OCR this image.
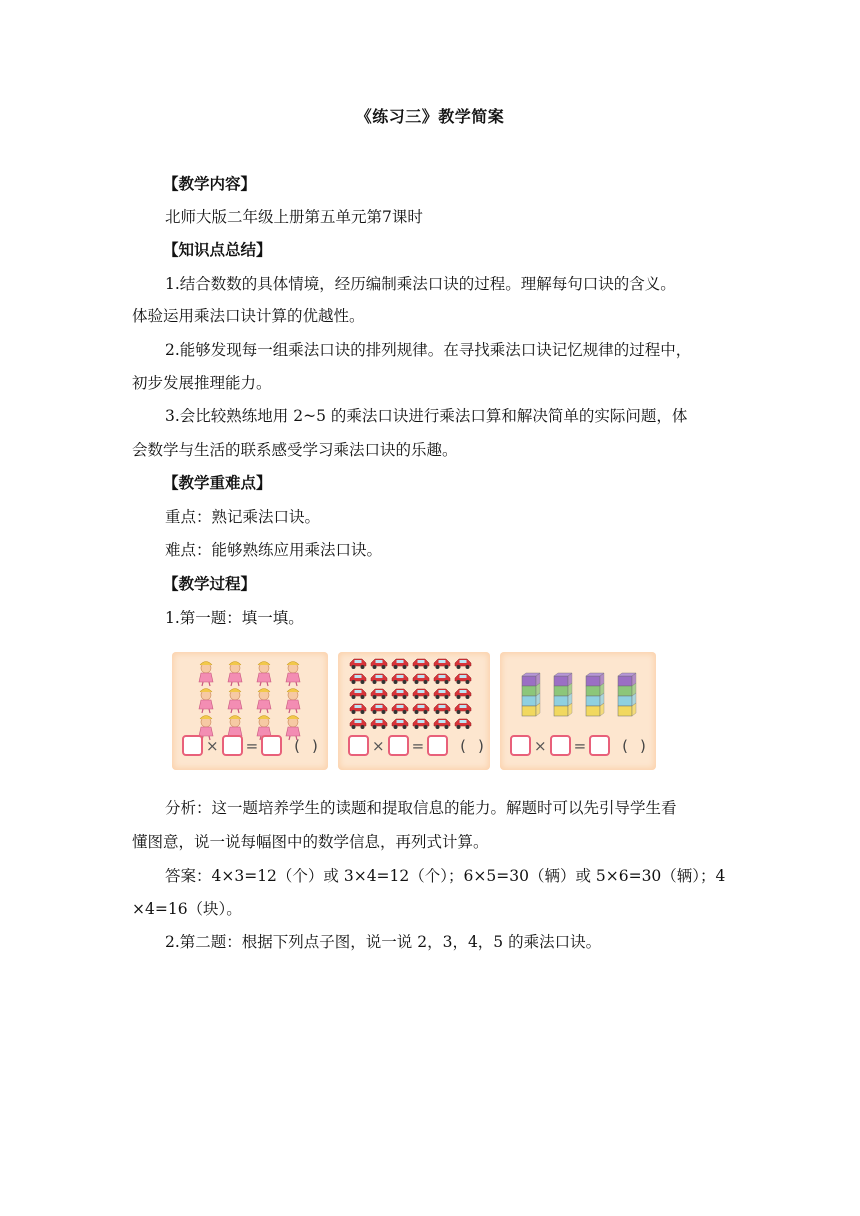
《练习三》教学简案
【教学内容】
北师大版二年级上册第五单元第7课时
【知识点总结】
1.结合数数的具体情境，经历编制乘法口诀的过程。理解每句口诀的含义。
体验运用乘法口诀计算的优越性。
2.能够发现每一组乘法口诀的排列规律。在寻找乘法口诀记忆规律的过程中，
初步发展推理能力。
3.会比较熟练地用 2~5 的乘法口诀进行乘法口算和解决简单的实际问题，体
会数学与生活的联系感受学习乘法口诀的乐趣。
【教学重难点】
重点：熟记乘法口诀。
难点：能够熟练应用乘法口诀。
【教学过程】
1.第一题：填一填。
× = ()	× = ()	× = ()
分析：这一题培养学生的读题和提取信息的能力。解题时可以先引导学生看
懂图意，说一说每幅图中的数学信息，再列式计算。
答案：4×3=12（个）或 3×4=12（个）；6×5=30（辆）或 5×6=30（辆）；4
×4=16（块）。
2.第二题：根据下列点子图，说一说 2，3，4，5 的乘法口诀。
